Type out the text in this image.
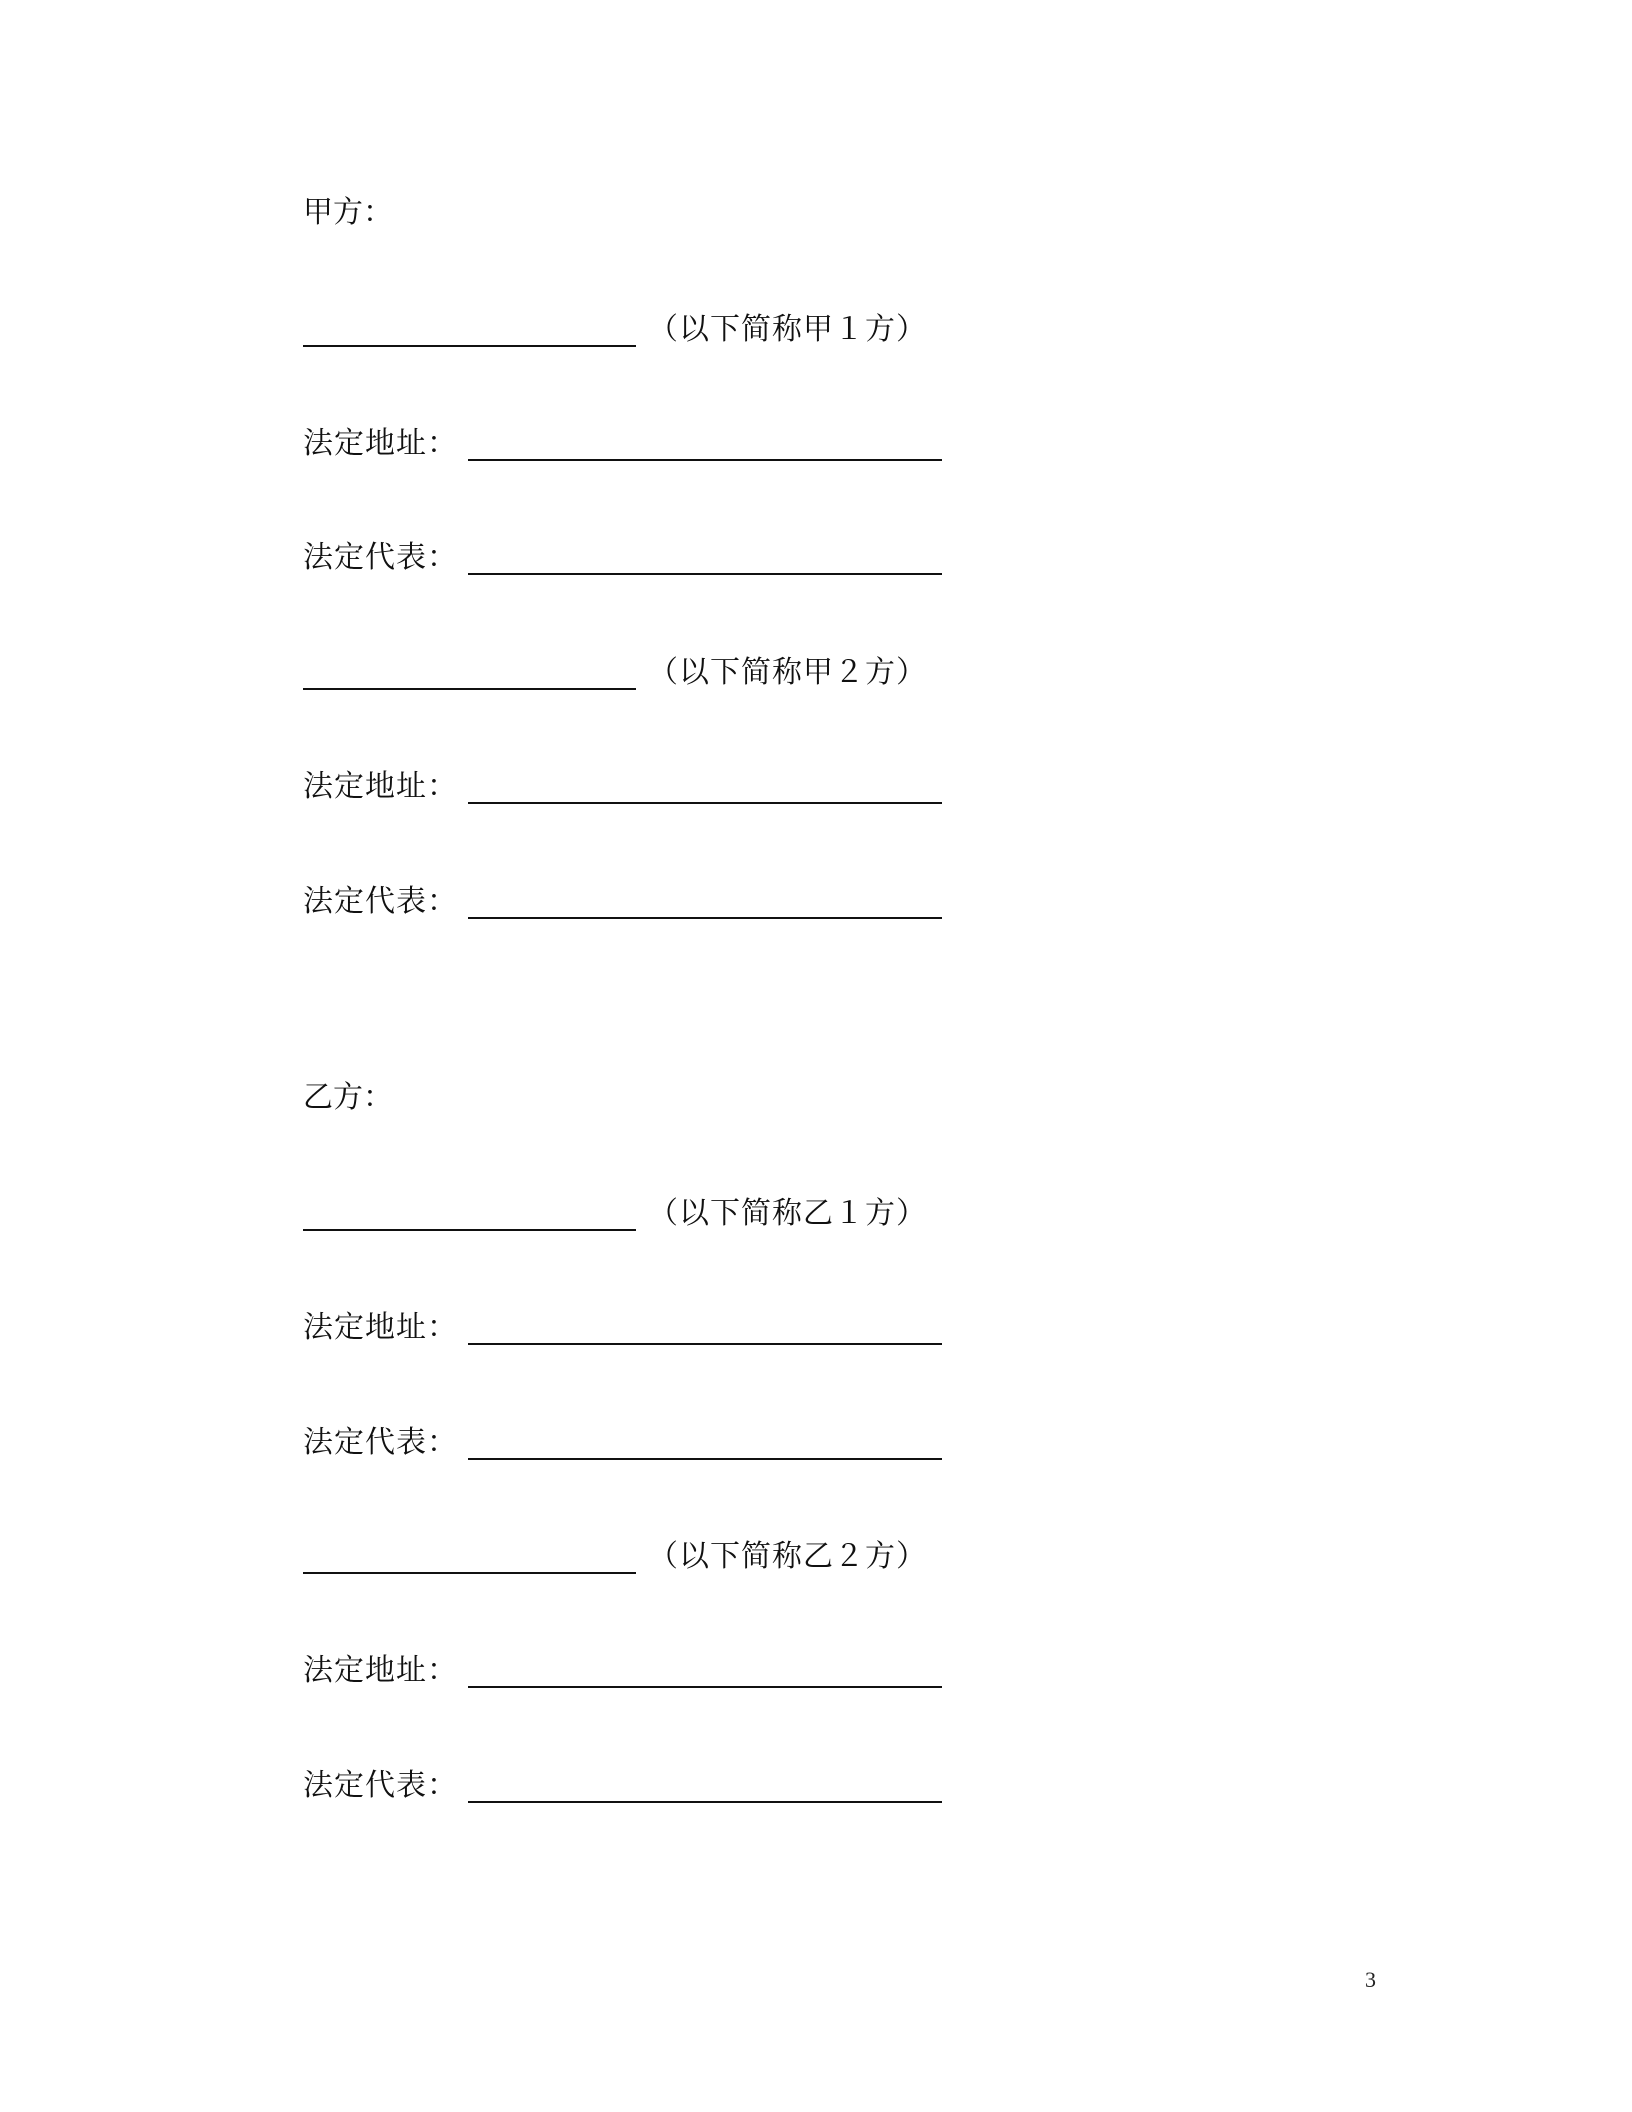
甲方：
（以下简称甲１方）
法定地址：
法定代表：
（以下简称甲２方）
法定地址：
法定代表：
乙方：
（以下简称乙１方）
法定地址：
法定代表：
（以下简称乙２方）
法定地址：
法定代表：
3
